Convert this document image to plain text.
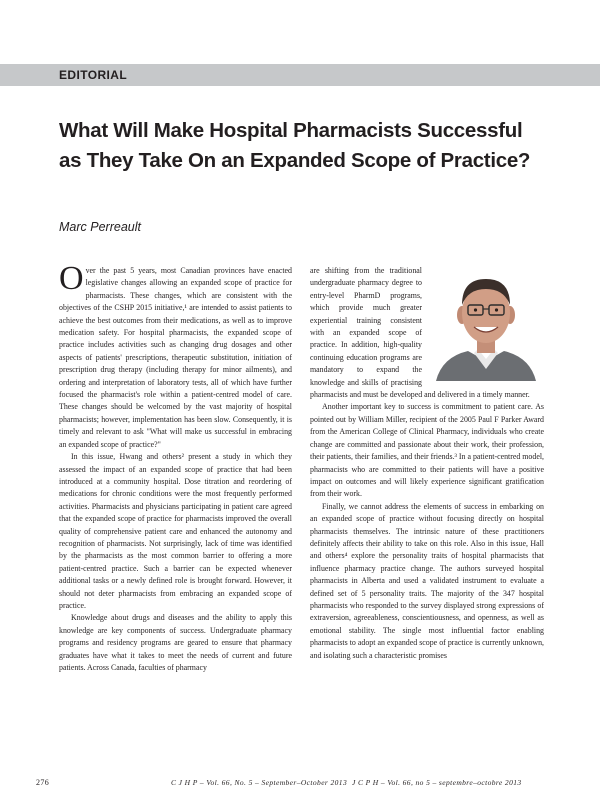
EDITORIAL
What Will Make Hospital Pharmacists Successful as They Take On an Expanded Scope of Practice?
Marc Perreault

Over the past 5 years, most Canadian provinces have enacted legislative changes allowing an expanded scope of practice for pharmacists. These changes, which are consistent with the objectives of the CSHP 2015 initiative,¹ are intended to assist patients to achieve the best outcomes from their medications, as well as to improve medication safety. For hospital pharmacists, the expanded scope of practice includes activities such as changing drug dosages and other aspects of patients' prescriptions, therapeutic substitution, initiation of prescription drug therapy (including therapy for minor ailments), and ordering and interpretation of laboratory tests, all of which have further focused the pharmacist's role within a patient-centred model of care. These changes should be welcomed by the vast majority of hospital pharmacists; however, implementation has been slow. Consequently, it is timely and relevant to ask "What will make us successful in embracing an expanded scope of practice?"

In this issue, Hwang and others² present a study in which they assessed the impact of an expanded scope of practice that had been introduced at a community hospital. Dose titration and reordering of medications for chronic conditions were the most frequently performed activities. Pharmacists and physicians participating in patient care agreed that the expanded scope of practice for pharmacists improved the overall quality of comprehensive patient care and enhanced the autonomy and recognition of pharmacists. Not surprisingly, lack of time was identified by the pharmacists as the most common barrier to offering a more patient-centred practice. Such a barrier can be expected whenever additional tasks or a newly defined role is brought forward. However, it should not deter pharmacists from embracing an expanded scope of practice.

Knowledge about drugs and diseases and the ability to apply this knowledge are key components of success. Undergraduate pharmacy programs and residency programs are geared to ensure that pharmacy graduates have what it takes to meet the needs of current and future patients. Across Canada, faculties of pharmacy

are shifting from the traditional undergraduate pharmacy degree to entry-level PharmD programs, which provide much greater experiential training consistent with an expanded scope of practice. In addition, high-quality continuing education programs are mandatory to expand the knowledge and skills of practising pharmacists and must be developed and delivered in a timely manner.

Another important key to success is commitment to patient care. As pointed out by William Miller, recipient of the 2005 Paul F Parker Award from the American College of Clinical Pharmacy, individuals who create change are committed and passionate about their work, their profession, their patients, their families, and their friends.³ In a patient-centred model, pharmacists who are committed to their patients will have a positive impact on outcomes and will likely experience significant gratification from their work.

Finally, we cannot address the elements of success in embarking on an expanded scope of practice without focusing directly on hospital pharmacists themselves. The intrinsic nature of these practitioners definitely affects their ability to take on this role. Also in this issue, Hall and others⁴ explore the personality traits of hospital pharmacists that influence pharmacy practice change. The authors surveyed hospital pharmacists in Alberta and used a validated instrument to evaluate a defined set of 5 personality traits. The majority of the 347 hospital pharmacists who responded to the survey displayed strong expressions of extraversion, agreeableness, conscientiousness, and openness, as well as emotional stability. The single most influential factor enabling pharmacists to adopt an expanded scope of practice is currently unknown, and isolating such a characteristic promises

276	C J H P – Vol. 66, No. 5 – September–October 2013 J C P H – Vol. 66, no 5 – septembre–octobre 2013
